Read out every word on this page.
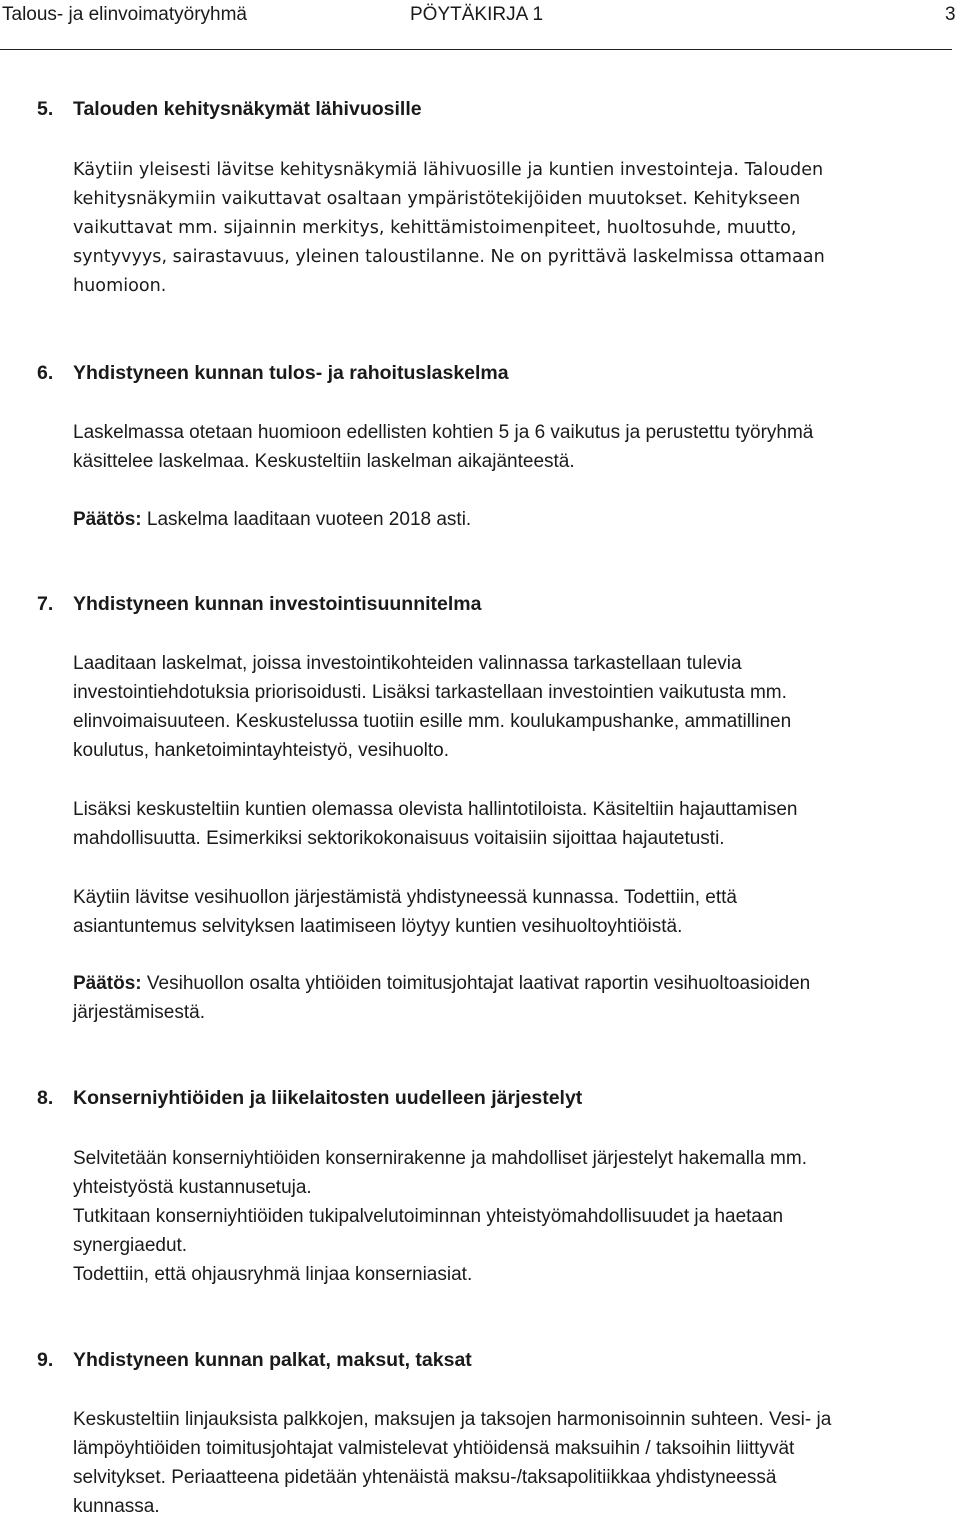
Talous- ja elinvoimatyöryhmä	PÖYTÄKIRJA 1	3
5. Talouden kehitysnäkymät lähivuosille
Käytiin yleisesti lävitse kehitysnäkymiä lähivuosille ja kuntien investointeja. Talouden
kehitysnäkymiin vaikuttavat osaltaan ympäristötekijöiden muutokset. Kehitykseen
vaikuttavat mm. sijainnin merkitys, kehittämistoimenpiteet, huoltosuhde, muutto,
syntyvyys, sairastavuus, yleinen taloustilanne. Ne on pyrittävä laskelmissa ottamaan
huomioon.
6. Yhdistyneen kunnan tulos- ja rahoituslaskelma
Laskelmassa otetaan huomioon edellisten kohtien 5 ja 6 vaikutus ja perustettu työryhmä
käsittelee laskelmaa. Keskusteltiin laskelman aikajänteestä.
Päätös: Laskelma laaditaan vuoteen 2018 asti.
7. Yhdistyneen kunnan investointisuunnitelma
Laaditaan laskelmat, joissa investointikohteiden valinnassa tarkastellaan tulevia
investointiehdotuksia priorisoidusti. Lisäksi tarkastellaan investointien vaikutusta mm.
elinvoimaisuuteen. Keskustelussa tuotiin esille mm. koulukampushanke, ammatillinen
koulutus, hanketoimintayhteistyö, vesihuolto.
Lisäksi keskusteltiin kuntien olemassa olevista hallintotiloista. Käsiteltiin hajauttamisen
mahdollisuutta. Esimerkiksi sektorikokonaisuus voitaisiin sijoittaa hajautetusti.
Käytiin lävitse vesihuollon järjestämistä yhdistyneessä kunnassa. Todettiin, että
asiantuntemus selvityksen laatimiseen löytyy kuntien vesihuoltoyhtiöistä.
Päätös: Vesihuollon osalta yhtiöiden toimitusjohtajat laativat raportin vesihuoltoasioiden
järjestämisestä.
8. Konserniyhtiöiden ja liikelaitosten uudelleen järjestelyt
Selvitetään konserniyhtiöiden konsernirakenne ja mahdolliset järjestelyt hakemalla mm.
yhteistyöstä kustannusetuja.
Tutkitaan konserniyhtiöiden tukipalvelutoiminnan yhteistyömahdollisuudet ja haetaan
synergiaedut.
Todettiin, että ohjausryhmä linjaa konserniasiat.
9. Yhdistyneen kunnan palkat, maksut, taksat
Keskusteltiin linjauksista palkkojen, maksujen ja taksojen harmonisoinnin suhteen. Vesi- ja
lämpöyhtiöiden toimitusjohtajat valmistelevat yhtiöidensä maksuihin / taksoihin liittyvät
selvitykset. Periaatteena pidetään yhtenäistä maksu-/taksapolitiikkaa yhdistyneessä
kunnassa.
